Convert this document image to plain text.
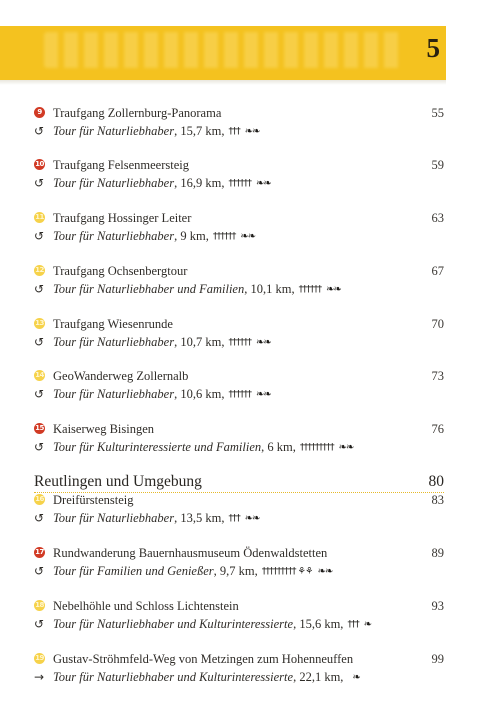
5
9 Traufgang Zollernburg-Panorama	55
↺ Tour für Naturliebhaber, 15,7 km, ††† ❧❧
10 Traufgang Felsenmeersteig	59
↺ Tour für Naturliebhaber, 16,9 km, †††††† ❧❧
11 Traufgang Hossinger Leiter	63
↺ Tour für Naturliebhaber, 9 km, †††††† ❧❧
12 Traufgang Ochsenbergtour	67
↺ Tour für Naturliebhaber und Familien, 10,1 km, †††††† ❧❧
13 Traufgang Wiesenrunde	70
↺ Tour für Naturliebhaber, 10,7 km, †††††† ❧❧
14 GeoWanderweg Zollernalb	73
↺ Tour für Naturliebhaber, 10,6 km, †††††† ❧❧
15 Kaiserweg Bisingen	76
↺ Tour für Kulturinteressierte und Familien, 6 km, ††††††††† ❧❧
Reutlingen und Umgebung	80
16 Dreifürstensteig	83
↺ Tour für Naturliebhaber, 13,5 km, ††† ❧❧
17 Rundwanderung Bauernhausmuseum Ödenwaldstetten	89
↺ Tour für Familien und Genießer, 9,7 km, ††††††††† ⚘⚘ ❧❧
18 Nebelhöhle und Schloss Lichtenstein	93
↺ Tour für Naturliebhaber und Kulturinteressierte, 15,6 km, ††† ❧
19 Gustav-Ströhmfeld-Weg von Metzingen zum Hohenneuffen	99
→ Tour für Naturliebhaber und Kulturinteressierte, 22,1 km, ❧
